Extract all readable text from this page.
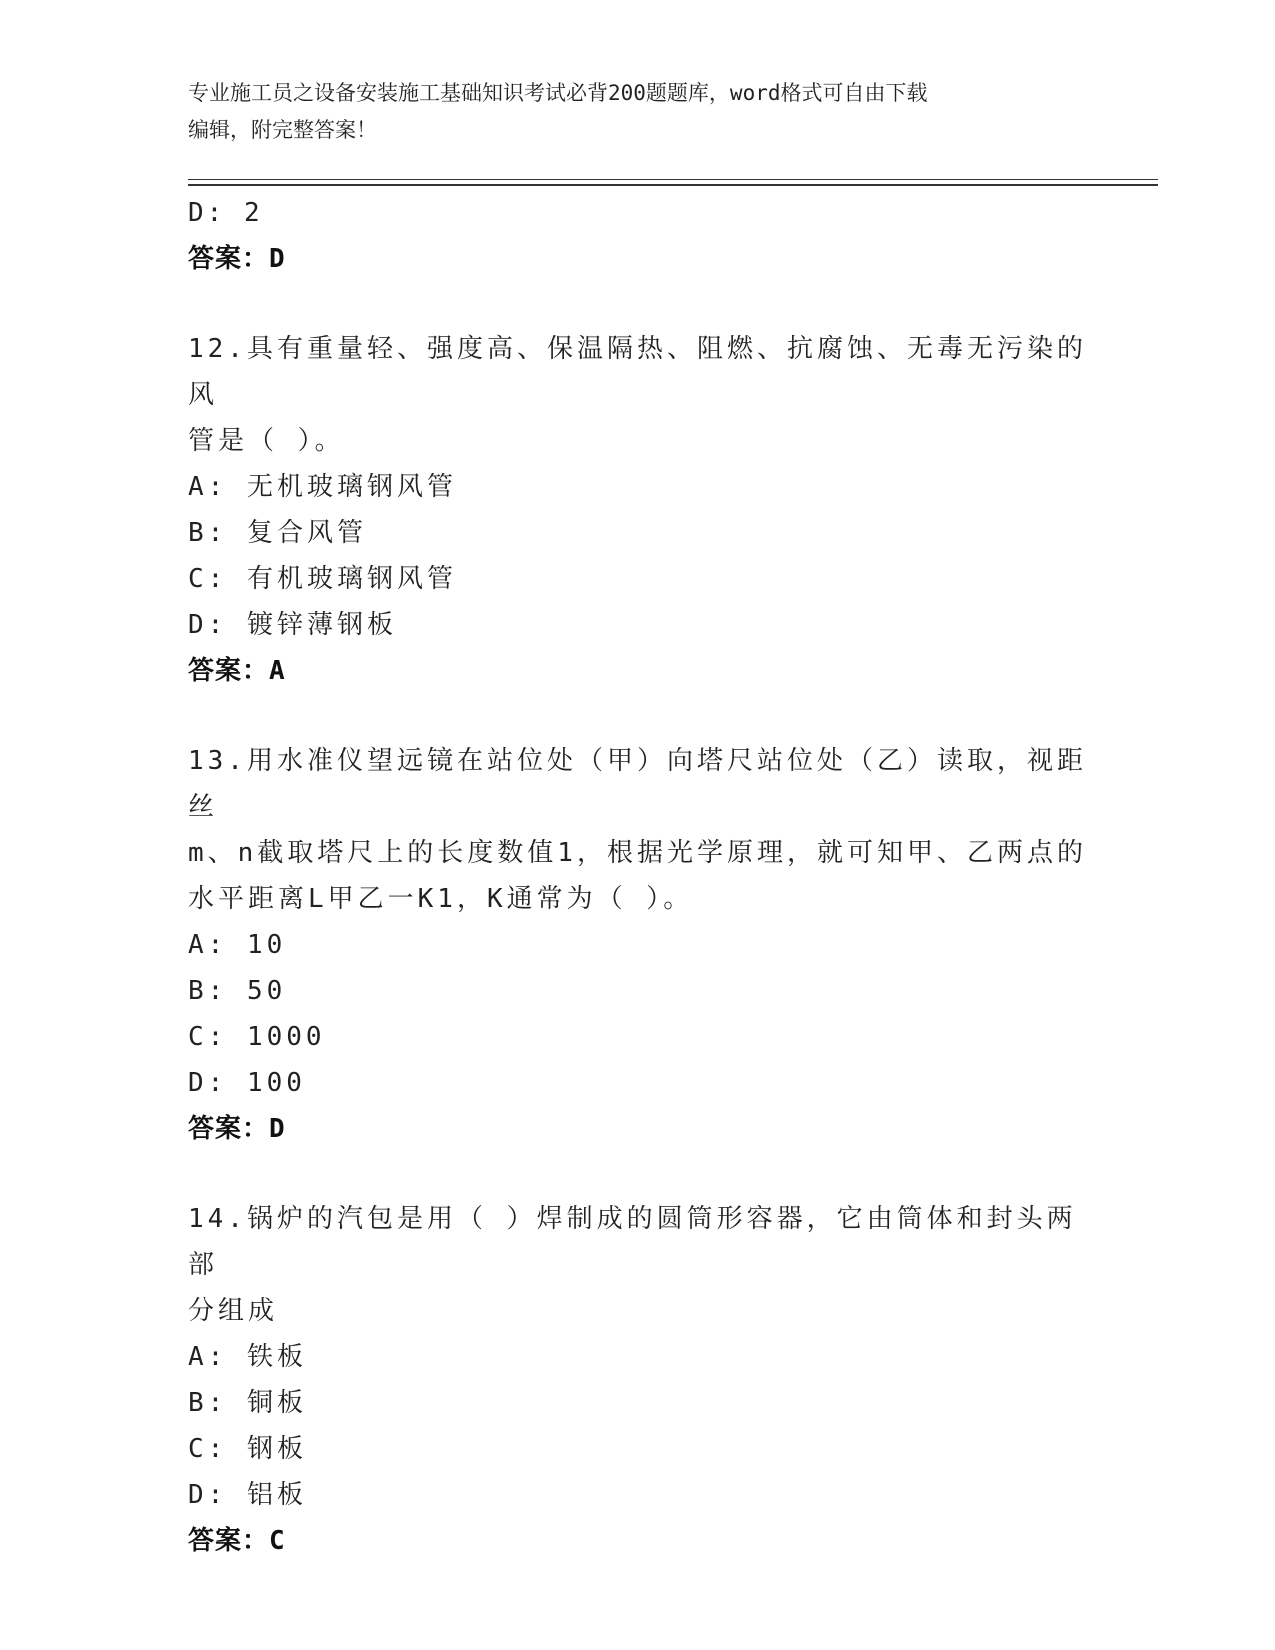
专业施工员之设备安装施工基础知识考试必背200题题库，word格式可自由下载
编辑，附完整答案！
D: 2
答案：D
12.具有重量轻、强度高、保温隔热、阻燃、抗腐蚀、无毒无污染的风
管是（ ）。
A: 无机玻璃钢风管
B: 复合风管
C: 有机玻璃钢风管
D: 镀锌薄钢板
答案：A
13.用水准仪望远镜在站位处（甲）向塔尺站位处（乙）读取，视距丝
m、n截取塔尺上的长度数值1，根据光学原理，就可知甲、乙两点的
水平距离L甲乙一K1，K通常为（ ）。
A: 10
B: 50
C: 1000
D: 100
答案：D
14.锅炉的汽包是用（ ）焊制成的圆筒形容器，它由筒体和封头两部
分组成
A: 铁板
B: 铜板
C: 钢板
D: 铝板
答案：C
